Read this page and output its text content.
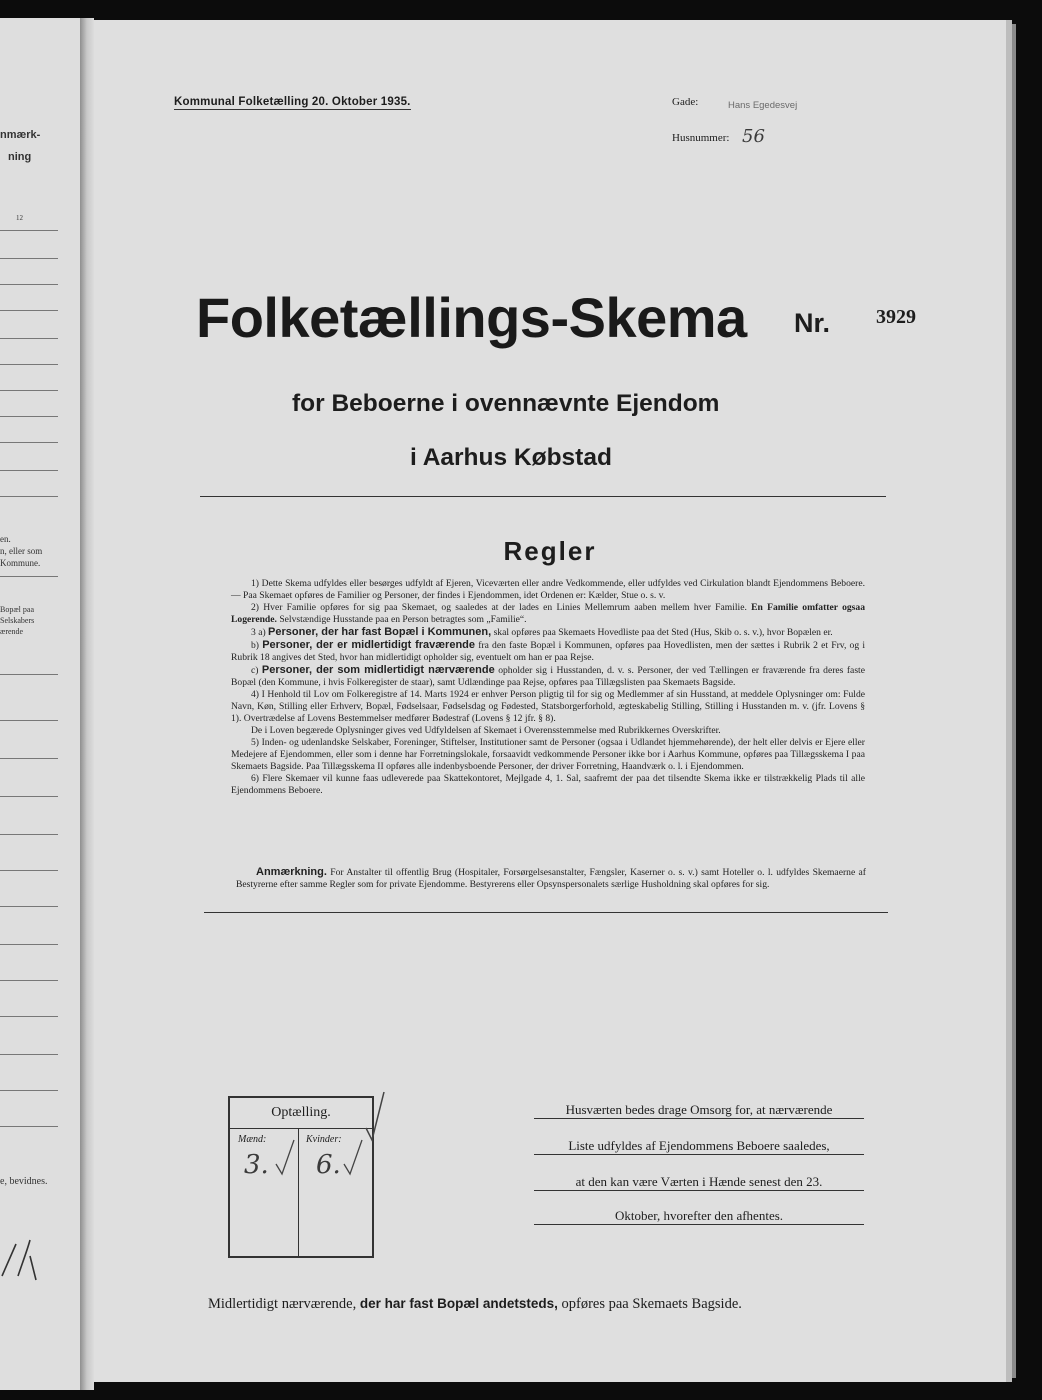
nmærk-
ning
12
en.
n, eller som
Kommune.
Bopæl paa
Selskabers
ærende
e, bevidnes.
Kommunal Folketælling 20. Oktober 1935.	Gade:	Hans Egedesvej
Husnummer: 56
Folketællings-Skema Nr. 3929
for Beboerne i ovennævnte Ejendom
i Aarhus Købstad
Regler

1) Dette Skema udfyldes eller besørges udfyldt af Ejeren, Viceværten eller andre Vedkommende, eller udfyldes ved Cirkulation blandt Ejendommens Beboere. — Paa Skemaet opføres de Familier og Personer, der findes i Ejendommen, idet Ordenen er: Kælder, Stue o. s. v.

2) Hver Familie opføres for sig paa Skemaet, og saaledes at der lades en Linies Mellemrum aaben mellem hver Familie. En Familie omfatter ogsaa Logerende. Selvstændige Husstande paa en Person betragtes som „Familie“.

3 a) Personer, der har fast Bopæl i Kommunen, skal opføres paa Skemaets Hovedliste paa det Sted (Hus, Skib o. s. v.), hvor Bopælen er.

b) Personer, der er midlertidigt fraværende fra den faste Bopæl i Kommunen, opføres paa Hovedlisten, men der sættes i Rubrik 2 et Frv, og i Rubrik 18 angives det Sted, hvor han midlertidigt opholder sig, eventuelt om han er paa Rejse.

c) Personer, der som midlertidigt nærværende opholder sig i Husstanden, d. v. s. Personer, der ved Tællingen er fraværende fra deres faste Bopæl (den Kommune, i hvis Folkeregister de staar), samt Udlændinge paa Rejse, opføres paa Tillægslisten paa Skemaets Bagside.

4) I Henhold til Lov om Folkeregistre af 14. Marts 1924 er enhver Person pligtig til for sig og Medlemmer af sin Husstand, at meddele Oplysninger om: Fulde Navn, Køn, Stilling eller Erhverv, Bopæl, Fødselsaar, Fødselsdag og Fødested, Statsborgerforhold, ægteskabelig Stilling, Stilling i Husstanden m. v. (jfr. Lovens § 1). Overtrædelse af Lovens Bestemmelser medfører Bødestraf (Lovens § 12 jfr. § 8).

De i Loven begærede Oplysninger gives ved Udfyldelsen af Skemaet i Overensstemmelse med Rubrikkernes Overskrifter.

5) Inden- og udenlandske Selskaber, Foreninger, Stiftelser, Institutioner samt de Personer (ogsaa i Udlandet hjemmehørende), der helt eller delvis er Ejere eller Medejere af Ejendommen, eller som i denne har Forretningslokale, forsaavidt vedkommende Personer ikke bor i Aarhus Kommune, opføres paa Tillægsskema I paa Skemaets Bagside. Paa Tillægsskema II opføres alle indenbysboende Personer, der driver Forretning, Haandværk o. l. i Ejendommen.

6) Flere Skemaer vil kunne faas udleverede paa Skattekontoret, Mejlgade 4, 1. Sal, saafremt der paa det tilsendte Skema ikke er tilstrækkelig Plads til alle Ejendommens Beboere.

Anmærkning. For Anstalter til offentlig Brug (Hospitaler, Forsørgelsesanstalter, Fængsler, Kaserner o. s. v.) samt Hoteller o. l. udfyldes Skemaerne af Bestyrerne efter samme Regler som for private Ejendomme. Bestyrerens eller Opsynspersonalets særlige Husholdning skal opføres for sig.

Optælling.
Mænd:	Kvinder:
3. 6.
Husværten bedes drage Omsorg for, at nærværende
Liste udfyldes af Ejendommens Beboere saaledes,
at den kan være Værten i Hænde senest den 23.
Oktober, hvorefter den afhentes.
Midlertidigt nærværende, der har fast Bopæl andetsteds, opføres paa Skemaets Bagside.
